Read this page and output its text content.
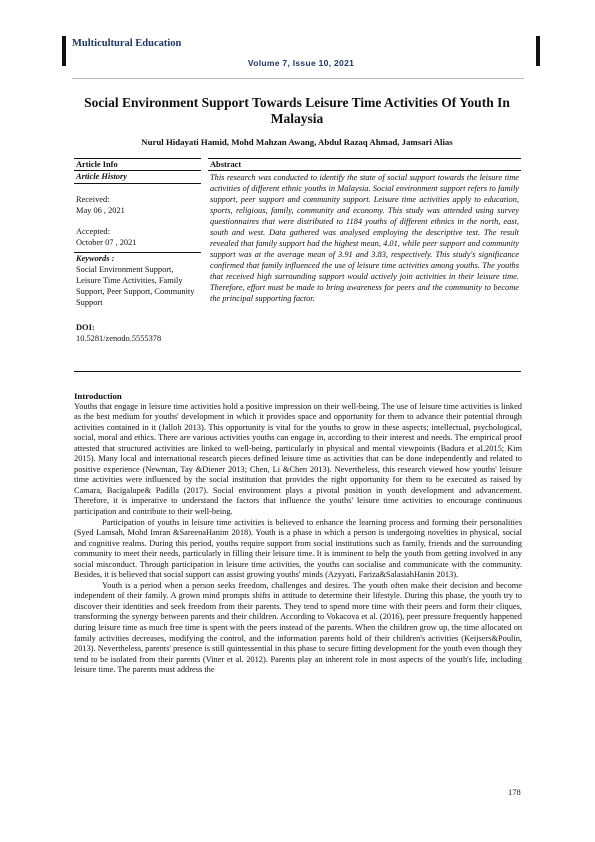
Multicultural Education
Volume 7, Issue 10, 2021
Social Environment Support Towards Leisure Time Activities Of Youth In Malaysia
Nurul Hidayati Hamid, Mohd Mahzan Awang, Abdul Razaq Ahmad, Jamsari Alias
Article Info
Article History
Received:
May 06 , 2021
Accepted:
October 07 , 2021
Keywords :
Social Environment Support, Leisure Time Activities, Family Support, Peer Support, Community Support
DOI:
10.5281/zenodo.5555378
Abstract
This research was conducted to identify the state of social support towards the leisure time activities of different ethnic youths in Malaysia. Social environment support refers to family support, peer support and community support. Leisure time activities apply to education, sports, religious, family, community and economy. This study was attended using survey questionnaires that were distributed to 1184 youths of different ethnics in the north, east, south and west. Data gathered was analysed employing the descriptive test. The result revealed that family support had the highest mean, 4.01, while peer support and community support was at the average mean of 3.91 and 3.83, respectively. This study's significance confirmed that family influenced the use of leisure time activities among youths. The youths that received high surrounding support would actively join activities in their leisure time. Therefore, effort must be made to bring awareness for peers and the community to become the principal supporting factor.
Introduction

Youths that engage in leisure time activities hold a positive impression on their well-being. The use of leisure time activities is linked as the best medium for youths' development in which it provides space and opportunity for them to advance their potential through activities contained in it (Jalloh 2013). This opportunity is vital for the youths to grow in these aspects; intellectual, psychological, social, moral and ethics. There are various activities youths can engage in, according to their interest and needs. The empirical proof attested that structured activities are linked to well-being, particularly in physical and mental viewpoints (Badura et al.2015; Kim 2015). Many local and international research pieces defined leisure time as activities that can be done independently and related to positive experience (Newman, Tay &Diener 2013; Chen, Li &Chen 2013). Nevertheless, this research viewed how youths' leisure time activities were influenced by the social institution that provides the right opportunity for them to be executed as raised by Camara, Bacigalupe& Padilla (2017). Social environment plays a pivotal position in youth development and advancement. Therefore, it is imperative to understand the factors that influence the youths' leisure time activities to encourage continuous participation and contribute to their well-being.

Participation of youths in leisure time activities is believed to enhance the learning process and forming their personalities (Syed Lamsah, Mohd Imran &SareenaHanim 2018). Youth is a phase in which a person is undergoing novelties in physical, social and cognitive realms. During this period, youths require support from social institutions such as family, friends and the surrounding community to meet their needs, particularly in filling their leisure time. It is imminent to help the youth from getting involved in any social misconduct. Through participation in leisure time activities, the youths can socialise and communicate with the community. Besides, it is believed that social support can assist growing youths' minds (Azyyati, Fariza&SalasiahHanin 2013).

Youth is a period when a person seeks freedom, challenges and desires. The youth often make their decision and become independent of their family. A grown mind prompts shifts in attitude to determine their lifestyle. During this phase, the youth try to discover their identities and seek freedom from their parents. They tend to spend more time with their peers and form their cliques, transforming the synergy between parents and their children. According to Vokacova et al. (2016), peer pressure frequently happened during leisure time as much free time is spent with the peers instead of the parents. When the children grow up, the time allocated on family activities decreases, modifying the control, and the information parents hold of their children's activities (Keijsers&Poulin, 2013). Nevertheless, parents' presence is still quintessential in this phase to secure fitting development for the youth even though they tend to be isolated from their parents (Viner et al. 2012). Parents play an inherent role in most aspects of the youth's life, including leisure time. The parents must address the

178
